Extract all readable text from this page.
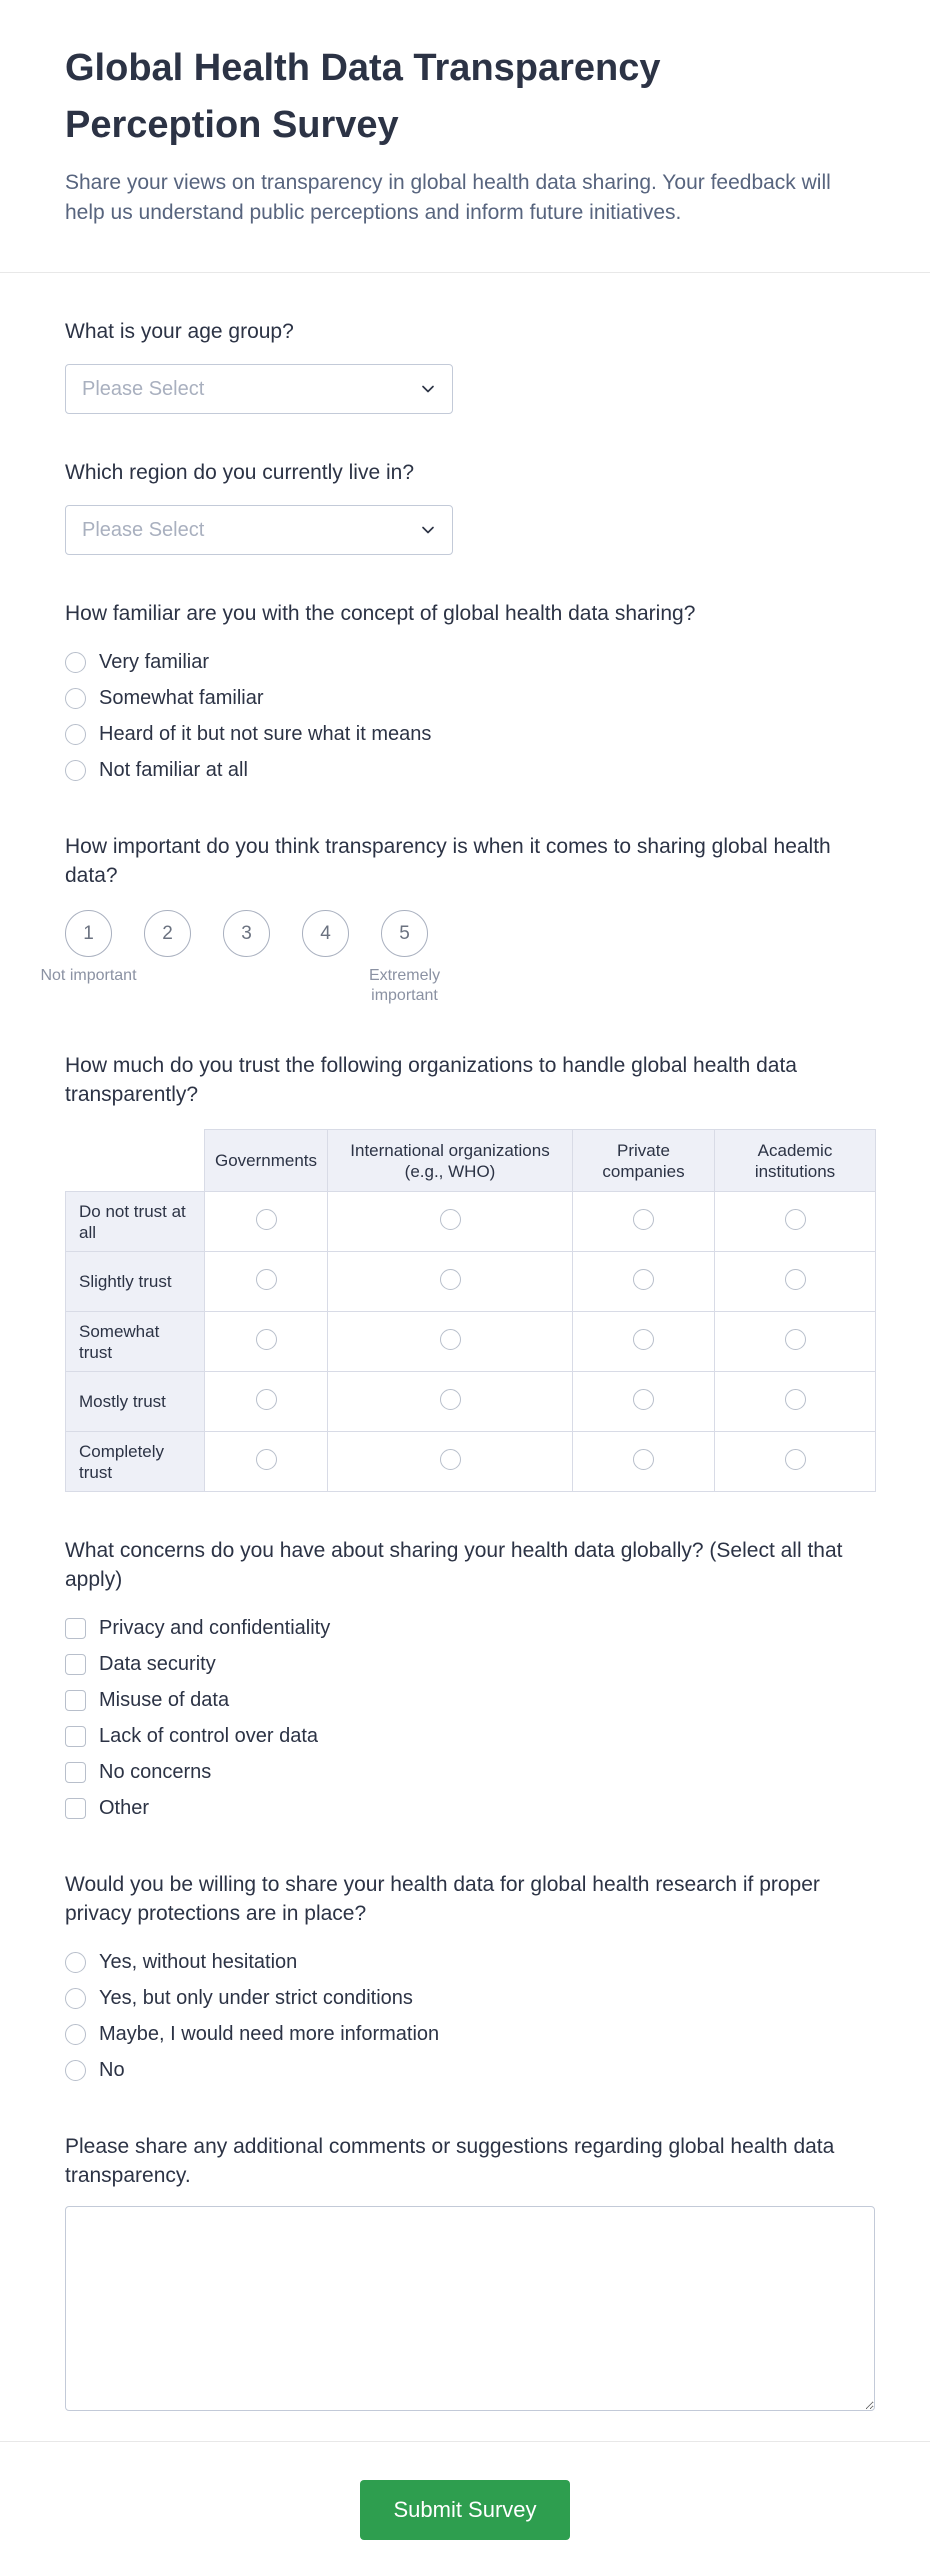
Global Health Data Transparency Perception Survey

Share your views on transparency in global health data sharing. Your feedback will help us understand public perceptions and inform future initiatives.

What is your age group?
Please Select
Which region do you currently live in?
Please Select
How familiar are you with the concept of global health data sharing?
Very familiar
Somewhat familiar
Heard of it but not sure what it means
Not familiar at all
How important do you think transparency is when it comes to sharing global health data?
1
Not important
2	3	4	5
Extremely important
How much do you trust the following organizations to handle global health data transparently?
	Governments	International organizations (e.g., WHO)	Private companies	Academic institutions
Do not trust at all				
Slightly trust				
Somewhat trust				
Mostly trust				
Completely trust				
What concerns do you have about sharing your health data globally? (Select all that apply)
Privacy and confidentiality
Data security
Misuse of data
Lack of control over data
No concerns
Other
Would you be willing to share your health data for global health research if proper privacy protections are in place?
Yes, without hesitation
Yes, but only under strict conditions
Maybe, I would need more information
No
Please share any additional comments or suggestions regarding global health data transparency.
Submit Survey
